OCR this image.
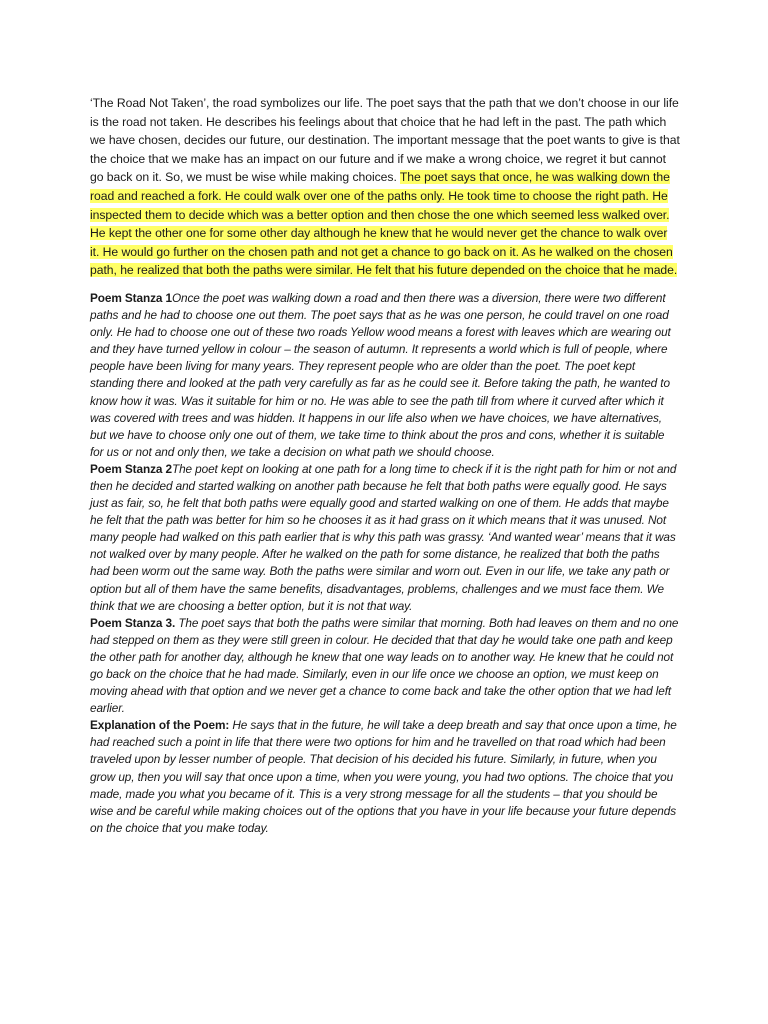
‘The Road Not Taken’, the road symbolizes our life. The poet says that the path that we don’t choose in our life is the road not taken. He describes his feelings about that choice that he had left in the past. The path which we have chosen, decides our future, our destination. The important message that the poet wants to give is that the choice that we make has an impact on our future and if we make a wrong choice, we regret it but cannot go back on it. So, we must be wise while making choices. The poet says that once, he was walking down the road and reached a fork. He could walk over one of the paths only. He took time to choose the right path. He inspected them to decide which was a better option and then chose the one which seemed less walked over. He kept the other one for some other day although he knew that he would never get the chance to walk over it. He would go further on the chosen path and not get a chance to go back on it. As he walked on the chosen path, he realized that both the paths were similar. He felt that his future depended on the choice that he made.

Poem Stanza 1Once the poet was walking down a road and then there was a diversion, there were two different paths and he had to choose one out them. The poet says that as he was one person, he could travel on one road only. He had to choose one out of these two roads Yellow wood means a forest with leaves which are wearing out and they have turned yellow in colour – the season of autumn. It represents a world which is full of people, where people have been living for many years. They represent people who are older than the poet. The poet kept standing there and looked at the path very carefully as far as he could see it. Before taking the path, he wanted to know how it was. Was it suitable for him or no. He was able to see the path till from where it curved after which it was covered with trees and was hidden. It happens in our life also when we have choices, we have alternatives, but we have to choose only one out of them, we take time to think about the pros and cons, whether it is suitable for us or not and only then, we take a decision on what path we should choose.

Poem Stanza 2The poet kept on looking at one path for a long time to check if it is the right path for him or not and then he decided and started walking on another path because he felt that both paths were equally good. He says just as fair, so, he felt that both paths were equally good and started walking on one of them. He adds that maybe he felt that the path was better for him so he chooses it as it had grass on it which means that it was unused. Not many people had walked on this path earlier that is why this path was grassy. ‘And wanted wear’ means that it was not walked over by many people. After he walked on the path for some distance, he realized that both the paths had been worm out the same way. Both the paths were similar and worn out. Even in our life, we take any path or option but all of them have the same benefits, disadvantages, problems, challenges and we must face them. We think that we are choosing a better option, but it is not that way.

Poem Stanza 3. The poet says that both the paths were similar that morning. Both had leaves on them and no one had stepped on them as they were still green in colour. He decided that that day he would take one path and keep the other path for another day, although he knew that one way leads on to another way. He knew that he could not go back on the choice that he had made. Similarly, even in our life once we choose an option, we must keep on moving ahead with that option and we never get a chance to come back and take the other option that we had left earlier.

Explanation of the Poem: He says that in the future, he will take a deep breath and say that once upon a time, he had reached such a point in life that there were two options for him and he travelled on that road which had been traveled upon by lesser number of people. That decision of his decided his future. Similarly, in future, when you grow up, then you will say that once upon a time, when you were young, you had two options. The choice that you made, made you what you became of it. This is a very strong message for all the students – that you should be wise and be careful while making choices out of the options that you have in your life because your future depends on the choice that you make today.
